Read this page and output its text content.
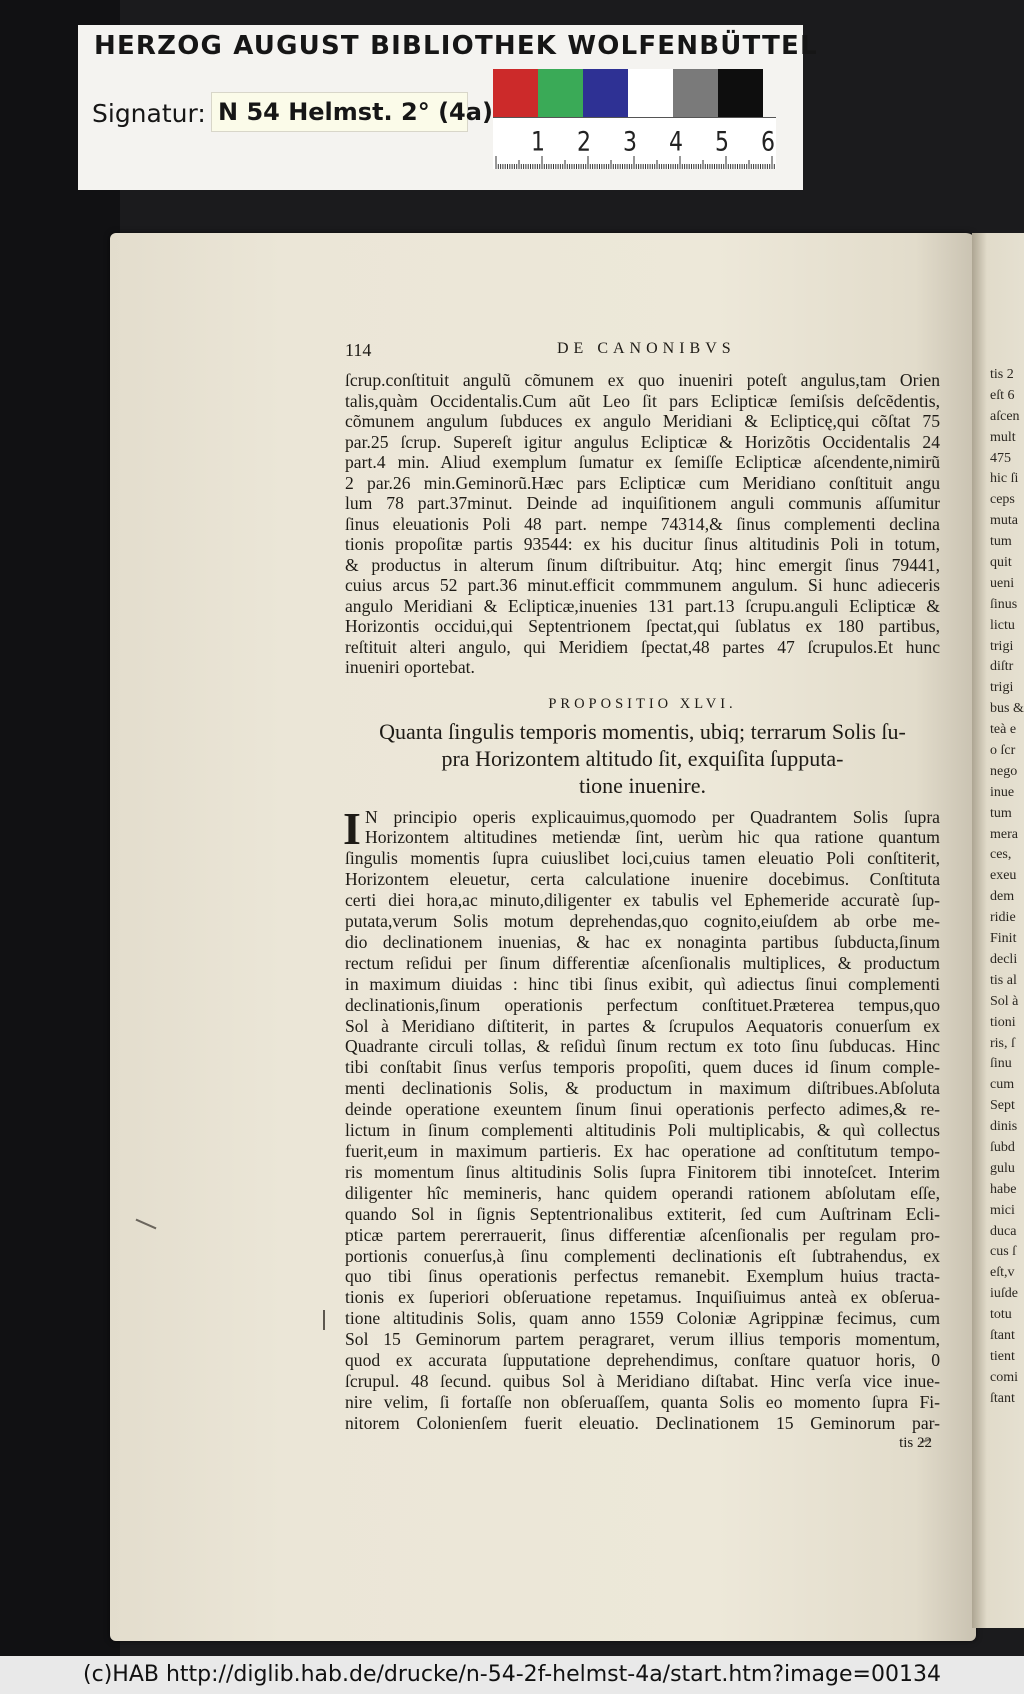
HERZOG AUGUST BIBLIOTHEK WOLFENBÜTTEL
Signatur: N 54 Helmst. 2° (4a)
1 2 3 4 5 6
tis 2
eſt 6
aſcen
mult
475
hic ſi
ceps
muta
tum
quit
ueni
ſinus
lictu
trigi
diſtr
trigi
bus &
teà e
o ſcr
nego
inue
tum
mera
ces,
exeu
dem
ridie
Finit
decli
tis al
Sol à
tioni
ris, ſ
ſinu
cum
Sept
dinis
ſubd
gulu
habe
mici
duca
cus ſ
eſt,v
iuſde
totu
ſtant
tient
comi
ſtant
114	DE CANONIBVS
ſcrup.conſtituit angulũ cõmunem ex quo inueniri poteſt angulus,tam Orien
talis,quàm Occidentalis.Cum aũt Leo ſit pars Eclipticæ ſemiſsis deſcẽdentis,
cõmunem angulum ſubduces ex angulo Meridiani & Eclipticę,qui cõſtat 75
par.25 ſcrup. Supereſt igitur angulus Eclipticæ & Horizõtis Occidentalis 24
part.4 min. Aliud exemplum ſumatur ex ſemiſſe Eclipticæ aſcendente,nimirũ
2 par.26 min.Geminorũ.Hæc pars Eclipticæ cum Meridiano conſtituit angu
lum 78 part.37minut. Deinde ad inquiſitionem anguli communis aſſumitur
ſinus eleuationis Poli 48 part. nempe 74314,& ſinus complementi declina
tionis propoſitæ partis 93544: ex his ducitur ſinus altitudinis Poli in totum,
& productus in alterum ſinum diſtribuitur. Atq; hinc emergit ſinus 79441,
cuius arcus 52 part.36 minut.efficit commmunem angulum. Si hunc adieceris
angulo Meridiani & Eclipticæ,inuenies 131 part.13 ſcrupu.anguli Eclipticæ &
Horizontis occidui,qui Septentrionem ſpectat,qui ſublatus ex 180 partibus,
reſtituit alteri angulo, qui Meridiem ſpectat,48 partes 47 ſcrupulos.Et hunc
inueniri oportebat.
PROPOSITIO XLVI.
Quanta ſingulis temporis momentis, ubiq; terrarum Solis ſu-
pra Horizontem altitudo ſit, exquiſita ſupputa-
tione inuenire.
I N principio operis explicauimus,quomodo per Quadrantem Solis ſupra
Horizontem altitudines metiendæ ſint, uerùm hic qua ratione quantum
ſingulis momentis ſupra cuiuslibet loci,cuius tamen eleuatio Poli conſtiterit,
Horizontem eleuetur, certa calculatione inuenire docebimus. Conſtituta
certi diei hora,ac minuto,diligenter ex tabulis vel Ephemeride accuratè ſup-
putata,verum Solis motum deprehendas,quo cognito,eiuſdem ab orbe me-
dio declinationem inuenias, & hac ex nonaginta partibus ſubducta,ſinum
rectum reſidui per ſinum differentiæ aſcenſionalis multiplices, & productum
in maximum diuidas : hinc tibi ſinus exibit, quì adiectus ſinui complementi
declinationis,ſinum operationis perfectum conſtituet.Præterea tempus,quo
Sol à Meridiano diſtiterit, in partes & ſcrupulos Aequatoris conuerſum ex
Quadrante circuli tollas, & reſiduì ſinum rectum ex toto ſinu ſubducas. Hinc
tibi conſtabit ſinus verſus temporis propoſiti, quem duces id ſinum comple-
menti declinationis Solis, & productum in maximum diſtribues.Abſoluta
deinde operatione exeuntem ſinum ſinui operationis perfecto adimes,& re-
lictum in ſinum complementi altitudinis Poli multiplicabis, & quì collectus
fuerit,eum in maximum partieris. Ex hac operatione ad conſtitutum tempo-
ris momentum ſinus altitudinis Solis ſupra Finitorem tibi innoteſcet. Interim
diligenter hîc memineris, hanc quidem operandi rationem abſolutam eſſe,
quando Sol in ſignis Septentrionalibus extiterit, ſed cum Auſtrinam Ecli-
pticæ partem pererrauerit, ſinus differentiæ aſcenſionalis per regulam pro-
portionis conuerſus,à ſinu complementi declinationis eſt ſubtrahendus, ex
quo tibi ſinus operationis perfectus remanebit. Exemplum huius tracta-
tionis ex ſuperiori obſeruatione repetamus. Inquiſiuimus anteà ex obſerua-
tione altitudinis Solis, quam anno 1559 Coloniæ Agrippinæ fecimus, cum
Sol 15 Geminorum partem peragraret, verum illius temporis momentum,
quod ex accurata ſupputatione deprehendimus, conſtare quatuor horis, 0
ſcrupul. 48 ſecund. quibus Sol à Meridiano diſtabat. Hinc verſa vice inue-
nire velim, ſi fortaſſe non obſeruaſſem, quanta Solis eo momento ſupra Fi-
nitorem Colonienſem fuerit eleuatio. Declinationem 15 Geminorum par-
tis 22
(c)HAB http://diglib.hab.de/drucke/n-54-2f-helmst-4a/start.htm?image=00134
